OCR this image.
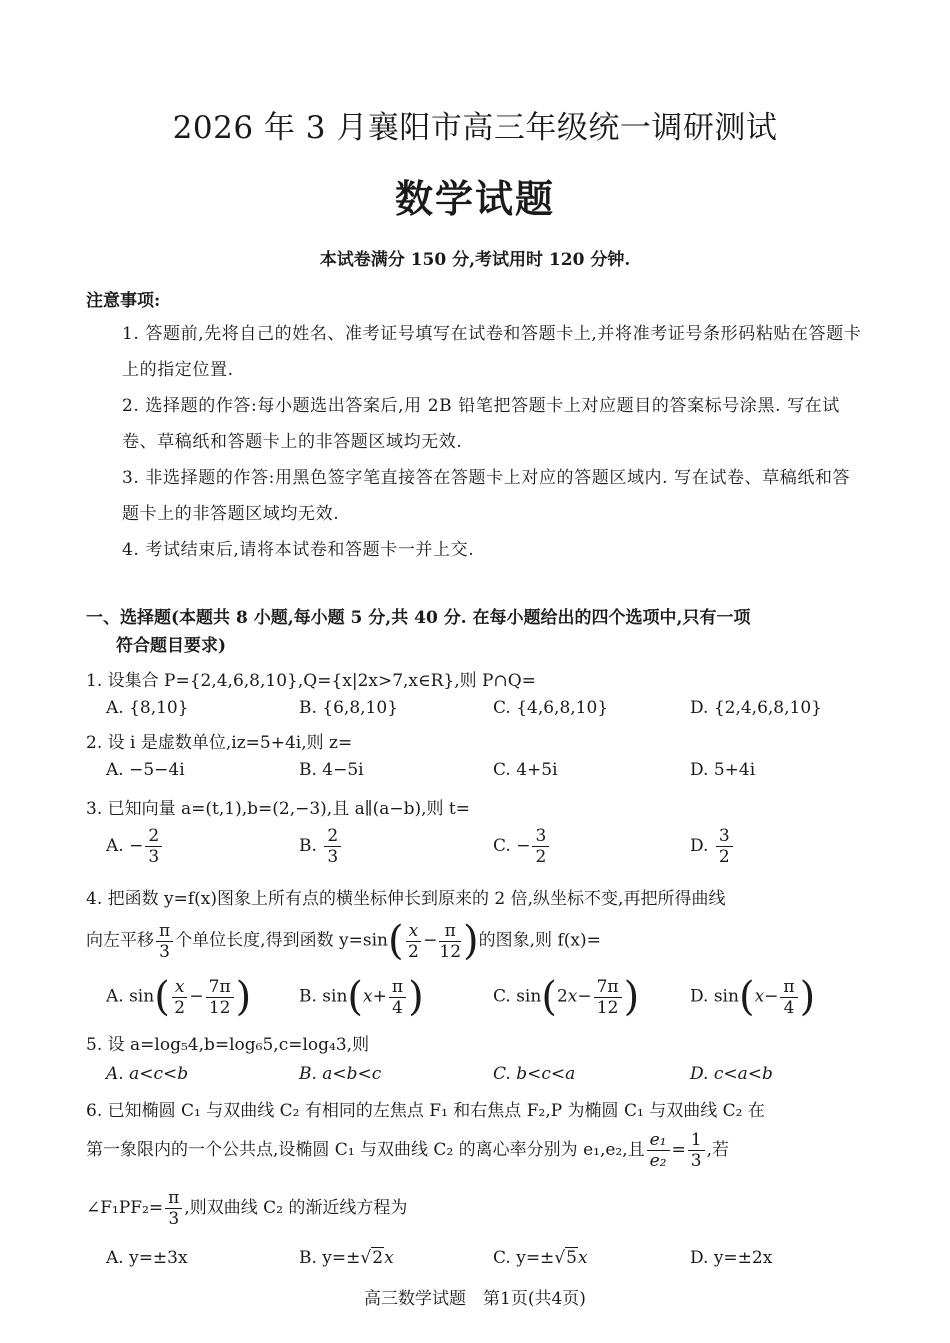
2026 年 3 月襄阳市高三年级统一调研测试
数学试题
本试卷满分 150 分,考试用时 120 分钟.
注意事项:
1. 答题前,先将自己的姓名、准考证号填写在试卷和答题卡上,并将准考证号条形码粘贴在答题卡上的指定位置.
2. 选择题的作答:每小题选出答案后,用 2B 铅笔把答题卡上对应题目的答案标号涂黑. 写在试卷、草稿纸和答题卡上的非答题区域均无效.
3. 非选择题的作答:用黑色签字笔直接答在答题卡上对应的答题区域内. 写在试卷、草稿纸和答题卡上的非答题区域均无效.
4. 考试结束后,请将本试卷和答题卡一并上交.
一、选择题(本题共 8 小题,每小题 5 分,共 40 分. 在每小题给出的四个选项中,只有一项
符合题目要求)
1. 设集合 P={2,4,6,8,10},Q={x|2x>7,x∈R},则 P∩Q=
A. {8,10}	B. {6,8,10}	C. {4,6,8,10}	D. {2,4,6,8,10}
2. 设 i 是虚数单位,iz=5+4i,则 z=
A. −5−4i	B. 4−5i	C. 4+5i	D. 5+4i
3. 已知向量 a=(t,1),b=(2,−3),且 a∥(a−b),则 t=
A. − $\frac{2}{3}$	B. $\frac{2}{3}$	C. − $\frac{3}{2}$	D. $\frac{3}{2}$
4. 把函数 y=f(x)图象上所有点的横坐标伸长到原来的 2 倍,纵坐标不变,再把所得曲线
向左平移 $\frac{\pi}{3}$ 个单位长度,得到函数 $y=\sin( \frac{x}{2} - \frac{\pi}{12}$ )的图象,则 f(x)=
A. $\sin( \frac{x}{2} - \frac{7\pi}{12}$ )	B. $\sin(x+ \frac{\pi}{4}$ )	C. $\sin(2x- \frac{7\pi}{12}$ )	D. $\sin(x- \frac{\pi}{4}$ )
5. 设 a=log₅4,b=log₆5,c=log₄3,则
A. a<c<b	B. a<b<c	C. b<c<a	D. c<a<b
6. 已知椭圆 C₁ 与双曲线 C₂ 有相同的左焦点 F₁ 和右焦点 F₂,P 为椭圆 C₁ 与双曲线 C₂ 在
第一象限内的一个公共点,设椭圆 C₁ 与双曲线 C₂ 的离心率分别为 e₁,e₂,且 $\frac{\text{e₁}}{\text{e₂}} = \frac{1}{3}$ ,若
∠F₁PF₂= $\frac{\pi}{3}$ ,则双曲线 C₂ 的渐近线方程为
A. y=±3x	B. y=±√2x	C. y=±√5x	D. y=±2x
高三数学试题　第1页(共4页)
